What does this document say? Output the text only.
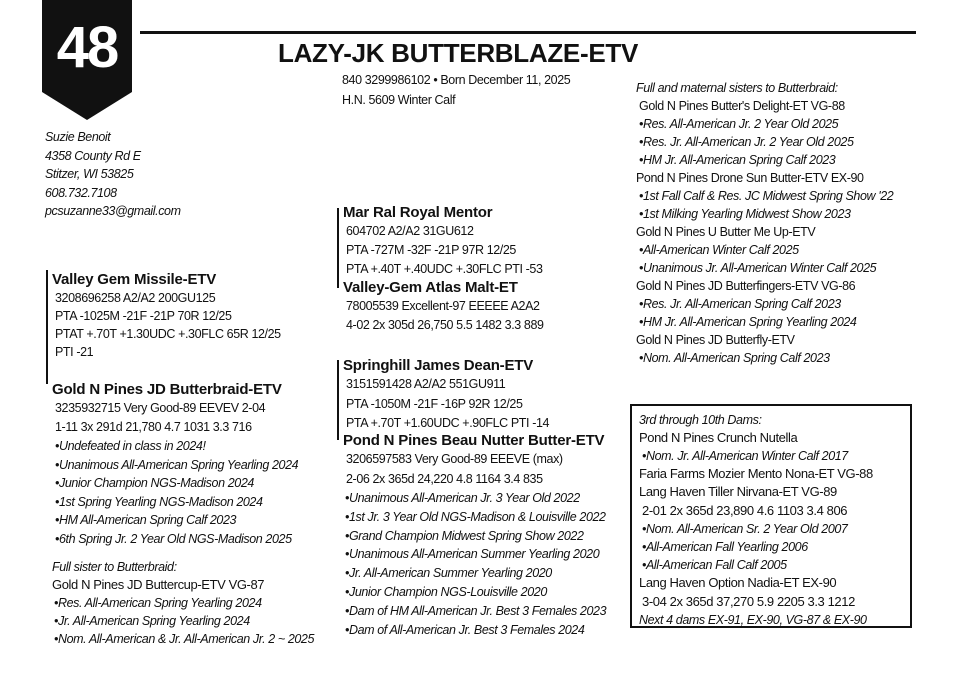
48	LAZY-JK BUTTERBLAZE-ETV
840 3299986102 • Born December 11, 2025
H.N. 5609 Winter Calf
Suzie Benoit
4358 County Rd E
Stitzer, WI 53825
608.732.7108
pcsuzanne33@gmail.com
Valley Gem Missile-ETV
3208696258 A2/A2 200GU125
PTA -1025M -21F -21P 70R 12/25
PTAT +.70T +1.30UDC +.30FLC 65R 12/25
PTI -21
Gold N Pines JD Butterbraid-ETV
3235932715 Very Good-89 EEVEV 2-04
1-11 3x 291d 21,780 4.7 1031 3.3 716
•Undefeated in class in 2024!
•Unanimous All-American Spring Yearling 2024
•Junior Champion NGS-Madison 2024
•1st Spring Yearling NGS-Madison 2024
•HM All-American Spring Calf 2023
•6th Spring Jr. 2 Year Old NGS-Madison 2025
Full sister to Butterbraid:
Gold N Pines JD Buttercup-ETV VG-87
•Res. All-American Spring Yearling 2024
•Jr. All-American Spring Yearling 2024
•Nom. All-American & Jr. All-American Jr. 2 ~ 2025
Mar Ral Royal Mentor
604702 A2/A2 31GU612
PTA -727M -32F -21P 97R 12/25
PTA +.40T +.40UDC +.30FLC PTI -53
Valley-Gem Atlas Malt-ET
78005539 Excellent-97 EEEEE A2A2
4-02 2x 305d 26,750 5.5 1482 3.3 889
Springhill James Dean-ETV
3151591428 A2/A2 551GU911
PTA -1050M -21F -16P 92R 12/25
PTA +.70T +1.60UDC +.90FLC PTI -14
Pond N Pines Beau Nutter Butter-ETV
3206597583 Very Good-89 EEEVE (max)
2-06 2x 365d 24,220 4.8 1164 3.4 835
•Unanimous All-American Jr. 3 Year Old 2022
•1st Jr. 3 Year Old NGS-Madison & Louisville 2022
•Grand Champion Midwest Spring Show 2022
•Unanimous All-American Summer Yearling 2020
•Jr. All-American Summer Yearling 2020
•Junior Champion NGS-Louisville 2020
•Dam of HM All-American Jr. Best 3 Females 2023
•Dam of All-American Jr. Best 3 Females 2024
Full and maternal sisters to Butterbraid:
Gold N Pines Butter's Delight-ET VG-88
•Res. All-American Jr. 2 Year Old 2025
•Res. Jr. All-American Jr. 2 Year Old 2025
•HM Jr. All-American Spring Calf 2023
Pond N Pines Drone Sun Butter-ETV EX-90
•1st Fall Calf & Res. JC Midwest Spring Show '22
•1st Milking Yearling Midwest Show 2023
Gold N Pines U Butter Me Up-ETV
•All-American Winter Calf 2025
•Unanimous Jr. All-American Winter Calf 2025
Gold N Pines JD Butterfingers-ETV VG-86
•Res. Jr. All-American Spring Calf 2023
•HM Jr. All-American Spring Yearling 2024
Gold N Pines JD Butterfly-ETV
•Nom. All-American Spring Calf 2023
3rd through 10th Dams:
Pond N Pines Crunch Nutella
•Nom. Jr. All-American Winter Calf 2017
Faria Farms Mozier Mento Nona-ET VG-88
Lang Haven Tiller Nirvana-ET VG-89
2-01 2x 365d 23,890 4.6 1103 3.4 806
•Nom. All-American Sr. 2 Year Old 2007
•All-American Fall Yearling 2006
•All-American Fall Calf 2005
Lang Haven Option Nadia-ET EX-90
3-04 2x 365d 37,270 5.9 2205 3.3 1212
Next 4 dams EX-91, EX-90, VG-87 & EX-90
